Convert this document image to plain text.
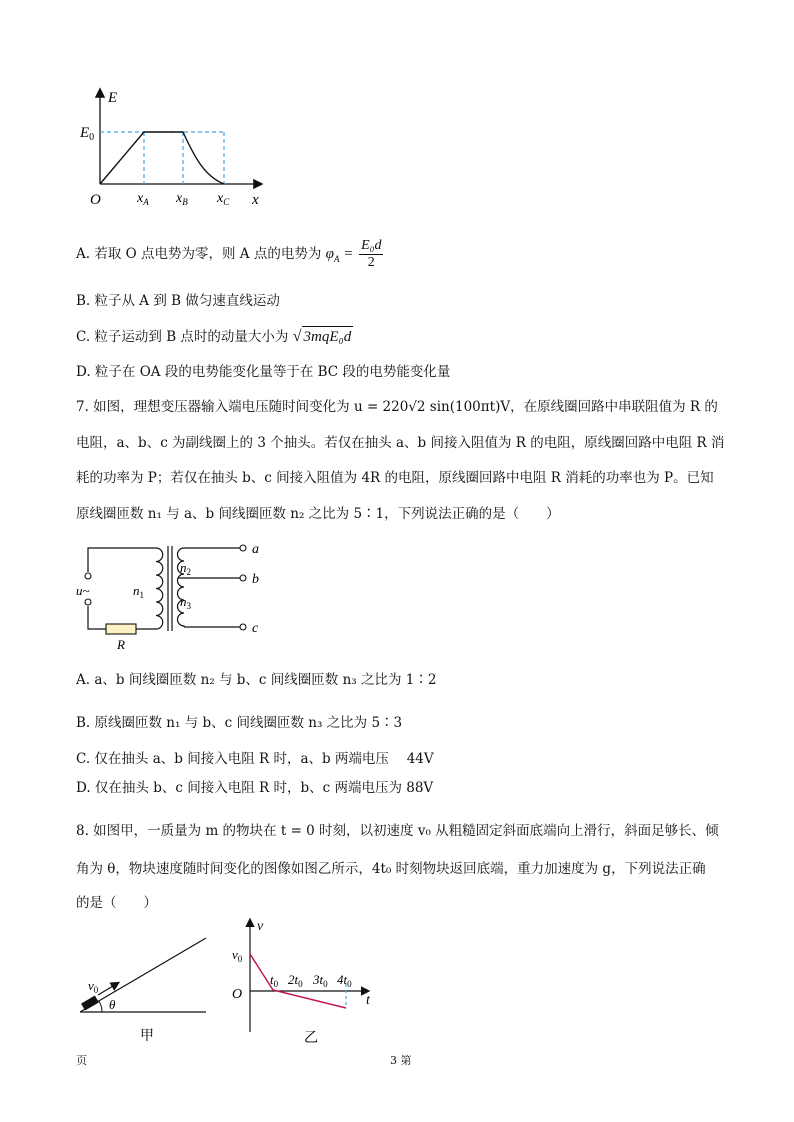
E
$E_0$
O	$x_A$ $x_B$ $x_C$ x
A. 若取 O 点电势为零，则 A 点的电势为 $\varphi_A = \frac{\text{E₀d}}{2}$
B. 粒子从 A 到 B 做匀速直线运动
C. 粒子运动到 B 点时的动量大小为 √ 3mqE₀d
D. 粒子在 OA 段的电势能变化量等于在 BC 段的电势能变化量
7. 如图，理想变压器输入端电压随时间变化为 u = 220√2 sin(100πt)V，在原线圈回路中串联阻值为 R 的
电阻，a、b、c 为副线圈上的 3 个抽头。若仅在抽头 a、b 间接入阻值为 R 的电阻，原线圈回路中电阻 R 消
耗的功率为 P；若仅在抽头 b、c 间接入阻值为 4R 的电阻，原线圈回路中电阻 R 消耗的功率也为 P。已知
原线圈匝数 n₁ 与 a、b 间线圈匝数 n₂ 之比为 5∶1，下列说法正确的是（　　）
a
b
c
u~	$n_1$
$n_2$
$n_3$
R
A. a、b 间线圈匝数 n₂ 与 b、c 间线圈匝数 n₃ 之比为 1∶2
B. 原线圈匝数 n₁ 与 b、c 间线圈匝数 n₃ 之比为 5∶3
C. 仅在抽头 a、b 间接入电阻 R 时，a、b 两端电压　 44V
D. 仅在抽头 b、c 间接入电阻 R 时，b、c 两端电压为 88V
8. 如图甲，一质量为 m 的物块在 t = 0 时刻，以初速度 v₀ 从粗糙固定斜面底端向上滑行，斜面足够长、倾
角为 θ，物块速度随时间变化的图像如图乙所示，4t₀ 时刻物块返回底端，重力加速度为 g，下列说法正确
的是（　　）
$v_0$
θ
甲
v
$v_0$
O
$t_0$ $2t_0$ $3t_0$ $4t_0$
t
乙
页	3 第
